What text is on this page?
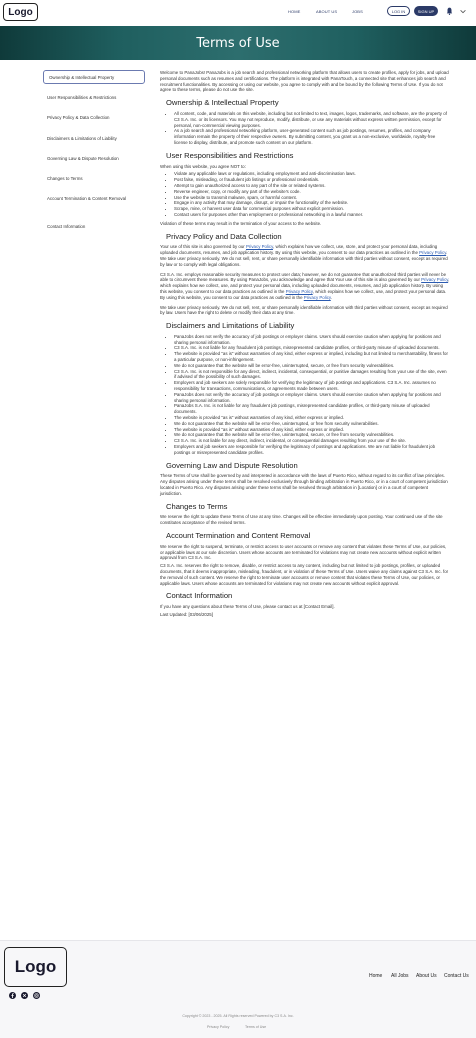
Logo	HOME	ABOUT US	JOBS	LOG IN	SIGN UP
Terms of Use
Ownership & Intellectual Property
User Responsibilities & Restrictions
Privacy Policy & Data Collection
Disclaimers & Limitations of Liability
Governing Law & Dispute Resolution
Changes to Terms
Account Termination & Content Removal
Contact Information

Welcome to PanaJobs! PanaJobs is a job search and professional networking platform that allows users to create profiles, apply for jobs, and upload personal documents such as resumes and certifications. The platform is integrated with PanaTouch, a connected site that enhances job search and recruitment functionalities. By accessing or using our website, you agree to comply with and be bound by the following Terms of Use. If you do not agree to these terms, please do not use the site.

Ownership & Intellectual Property
• All content, code, and materials on this website, including but not limited to text, images, logos, trademarks, and software, are the property of C3 S.A. Inc. or its licensors. You may not reproduce, modify, distribute, or use any materials without express written permission, except for personal, non-commercial viewing purposes.
• As a job search and professional networking platform, user-generated content such as job postings, resumes, profiles, and company information remain the property of their respective owners. By submitting content, you grant us a non-exclusive, worldwide, royalty-free license to display, distribute, and promote such content on our platform.
User Responsibilities and Restrictions

When using this website, you agree NOT to:

• Violate any applicable laws or regulations, including employment and anti-discrimination laws.
• Post false, misleading, or fraudulent job listings or professional credentials.
• Attempt to gain unauthorized access to any part of the site or related systems.
• Reverse engineer, copy, or modify any part of the website's code.
• Use the website to transmit malware, spam, or harmful content.
• Engage in any activity that may damage, disrupt, or impair the functionality of the website.
• Scrape, mine, or harvest user data for commercial purposes without explicit permission.
• Contact users for purposes other than employment or professional networking in a lawful manner.

Violation of these terms may result in the termination of your access to the website.

Privacy Policy and Data Collection

Your use of this site is also governed by our Privacy Policy, which explains how we collect, use, store, and protect your personal data, including uploaded documents, resumes, and job application history. By using this website, you consent to our data practices as outlined in the Privacy Policy. We take user privacy seriously. We do not sell, rent, or share personally identifiable information with third parties without consent, except as required by law or to comply with legal obligations.

C3 S.A. Inc. employs reasonable security measures to protect user data; however, we do not guarantee that unauthorized third parties will never be able to circumvent these measures. By using PanaJobs, you acknowledge and agree that Your use of this site is also governed by our Privacy Policy, which explains how we collect, use, and protect your personal data, including uploaded documents, resumes, and job application history. By using this website, you consent to our data practices as outlined in the Privacy Policy, which explains how we collect, use, and protect your personal data. By using this website, you consent to our data practices as outlined in the Privacy Policy.

We take user privacy seriously. We do not sell, rent, or share personally identifiable information with third parties without consent, except as required by law. Users have the right to delete or modify their data at any time.

Disclaimers and Limitations of Liability
• PanaJobs does not verify the accuracy of job postings or employer claims. Users should exercise caution when applying for positions and sharing personal information.
• C3 S.A. Inc. is not liable for any fraudulent job postings, misrepresented candidate profiles, or third-party misuse of uploaded documents.
• The website is provided "as is" without warranties of any kind, either express or implied, including but not limited to merchantability, fitness for a particular purpose, or non-infringement.
• We do not guarantee that the website will be error-free, uninterrupted, secure, or free from security vulnerabilities.
• C3 S.A. Inc. is not responsible for any direct, indirect, incidental, consequential, or punitive damages resulting from your use of the site, even if advised of the possibility of such damages.
• Employers and job seekers are solely responsible for verifying the legitimacy of job postings and applications. C3 S.A. Inc. assumes no responsibility for transactions, communications, or agreements made between users.
• PanaJobs does not verify the accuracy of job postings or employer claims. Users should exercise caution when applying for positions and sharing personal information.
• PanaJobs S.A. Inc. is not liable for any fraudulent job postings, misrepresented candidate profiles, or third-party misuse of uploaded documents.
• The website is provided "as is" without warranties of any kind, either express or implied.
• We do not guarantee that the website will be error-free, uninterrupted, or free from security vulnerabilities.
• The website is provided "as is" without warranties of any kind, either express or implied.
• We do not guarantee that the website will be error-free, uninterrupted, secure, or free from security vulnerabilities.
• C3 S.A. Inc. is not liable for any direct, indirect, incidental, or consequential damages resulting from your use of the site.
• Employers and job seekers are responsible for verifying the legitimacy of postings and applications. We are not liable for fraudulent job postings or misrepresented candidate profiles.
Governing Law and Dispute Resolution

These Terms of Use shall be governed by and interpreted in accordance with the laws of Puerto Rico, without regard to its conflict of law principles. Any disputes arising under these terms shall be resolved exclusively through binding arbitration in Puerto Rico, or in a court of competent jurisdiction located in Puerto Rico. Any disputes arising under these terms shall be resolved through arbitration in [Location] or in a court of competent jurisdiction.

Changes to Terms

We reserve the right to update these Terms of Use at any time. Changes will be effective immediately upon posting. Your continued use of the site constitutes acceptance of the revised terms.

Account Termination and Content Removal

We reserve the right to suspend, terminate, or restrict access to user accounts or remove any content that violates these Terms of Use, our policies, or applicable laws at our sole discretion. Users whose accounts are terminated for violations may not create new accounts without explicit written approval from C3 S.A. Inc.

C3 S.A. Inc. reserves the right to remove, disable, or restrict access to any content, including but not limited to job postings, profiles, or uploaded documents, that it deems inappropriate, misleading, fraudulent, or in violation of these Terms of Use. Users waive any claims against C3 S.A. Inc. for the removal of such content. We reserve the right to terminate user accounts or remove content that violates these Terms of Use, our policies, or applicable laws. Users whose accounts are terminated for violations may not create new accounts without explicit approval.

Contact Information

If you have any questions about these Terms of Use, please contact us at [Contact Email].

Last Updated: [03/06/2025]

Logo	Home All Jobs About Us Contact Us
Copyright © 2023 - 2025. All Rights reserved Powered by C3 S.A. Inc.
Privacy Policy	Terms of Use
